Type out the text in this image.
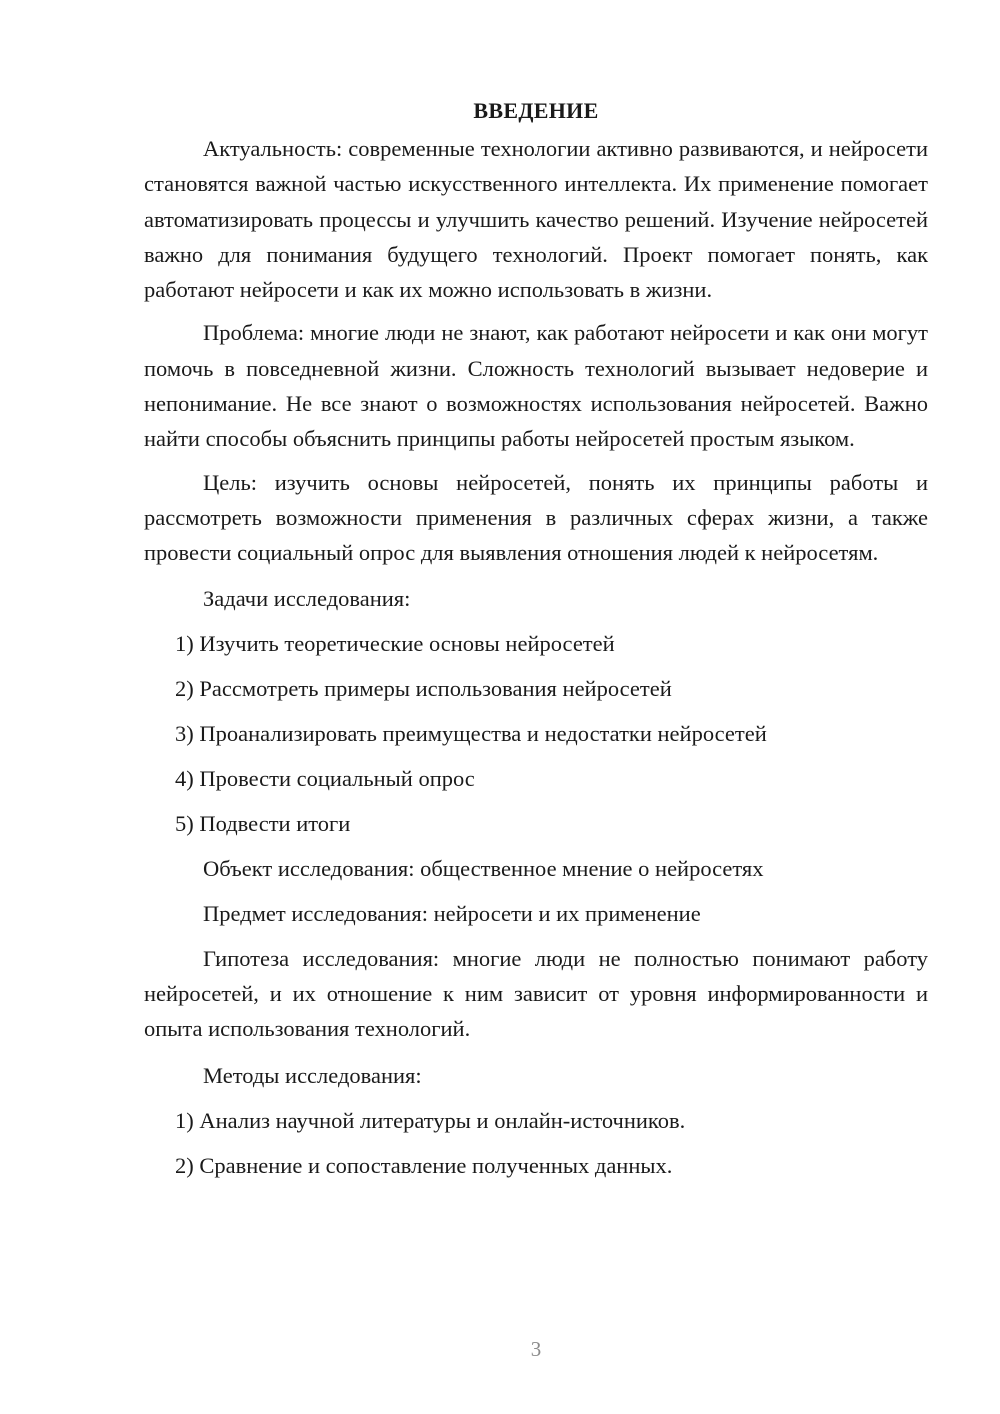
ВВЕДЕНИЕ
Актуальность: современные технологии активно развиваются, и нейросети становятся важной частью искусственного интеллекта. Их применение помогает автоматизировать процессы и улучшить качество решений. Изучение нейросетей важно для понимания будущего технологий. Проект помогает понять, как работают нейросети и как их можно использовать в жизни.
Проблема: многие люди не знают, как работают нейросети и как они могут помочь в повседневной жизни. Сложность технологий вызывает недоверие и непонимание. Не все знают о возможностях использования нейросетей. Важно найти способы объяснить принципы работы нейросетей простым языком.
Цель: изучить основы нейросетей, понять их принципы работы и рассмотреть возможности применения в различных сферах жизни, а также провести социальный опрос для выявления отношения людей к нейросетям.
Задачи исследования:
1) Изучить теоретические основы нейросетей
2) Рассмотреть примеры использования нейросетей
3) Проанализировать преимущества и недостатки нейросетей
4) Провести социальный опрос
5) Подвести итоги
Объект исследования: общественное мнение о нейросетях
Предмет исследования: нейросети и их применение
Гипотеза исследования: многие люди не полностью понимают работу нейросетей, и их отношение к ним зависит от уровня информированности и опыта использования технологий.
Методы исследования:
1) Анализ научной литературы и онлайн-источников.
2) Сравнение и сопоставление полученных данных.
3
